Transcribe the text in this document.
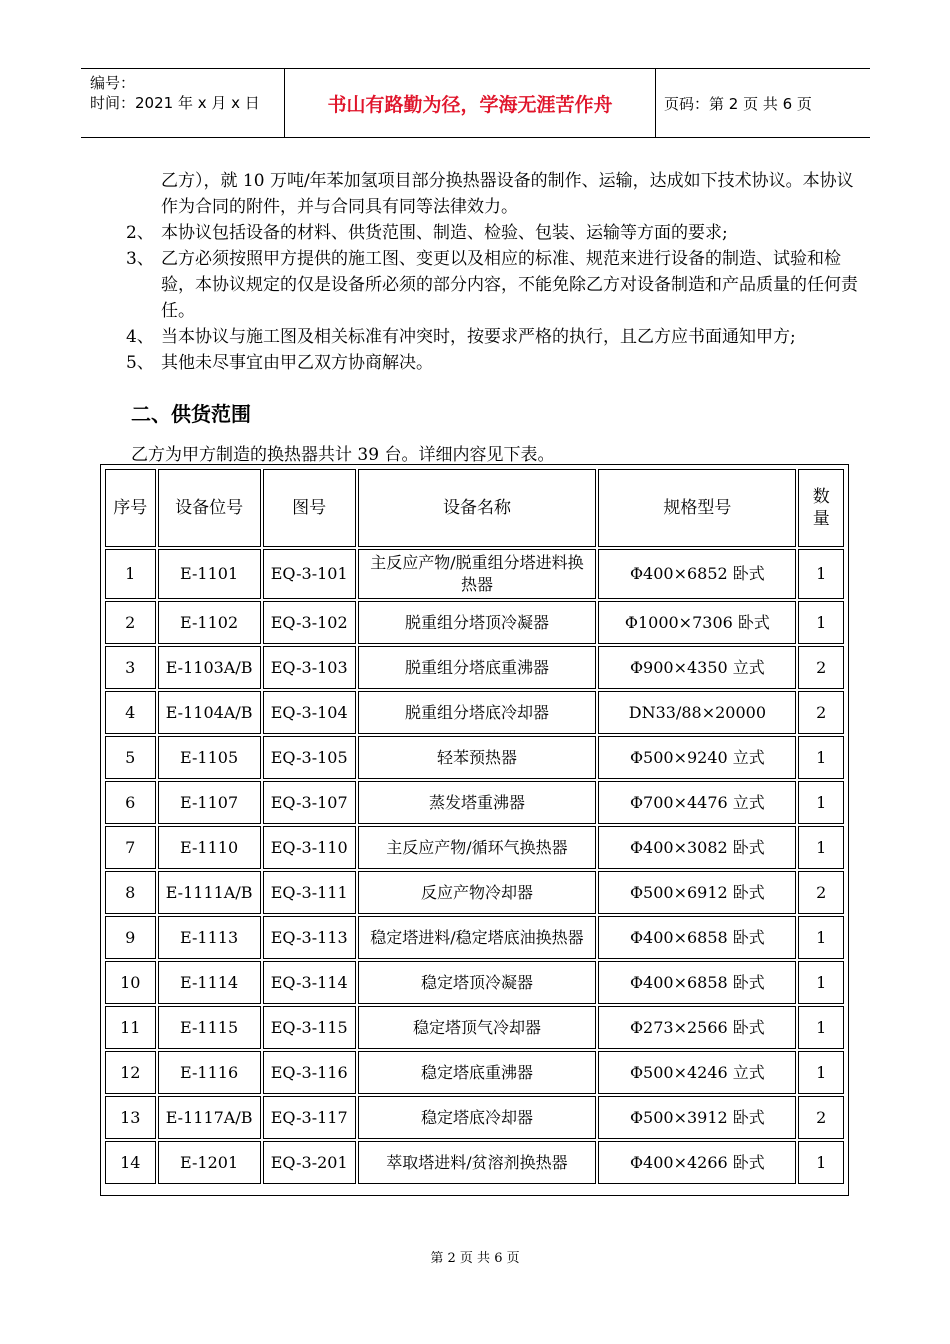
编号：
时间：2021 年 x 月 x 日	书山有路勤为径，学海无涯苦作舟	页码：第 2 页 共 6 页
乙方），就 10 万吨/年苯加氢项目部分换热器设备的制作、运输，达成如下技术协议。本协议作为合同的附件，并与合同具有同等法律效力。
2、 本协议包括设备的材料、供货范围、制造、检验、包装、运输等方面的要求;
3、 乙方必须按照甲方提供的施工图、变更以及相应的标准、规范来进行设备的制造、试验和检验，本协议规定的仅是设备所必须的部分内容，不能免除乙方对设备制造和产品质量的任何责任。
4、 当本协议与施工图及相关标准有冲突时，按要求严格的执行，且乙方应书面通知甲方;
5、 其他未尽事宜由甲乙双方协商解决。
二、供货范围
乙方为甲方制造的换热器共计 39 台。详细内容见下表。
序号	设备位号	图号	设备名称	规格型号	数量
1	E-1101	EQ-3-101	主反应产物/脱重组分塔进料换热器	Φ400×6852 卧式	1
2	E-1102	EQ-3-102	脱重组分塔顶冷凝器	Φ1000×7306 卧式	1
3	E-1103A/B	EQ-3-103	脱重组分塔底重沸器	Φ900×4350 立式	2
4	E-1104A/B	EQ-3-104	脱重组分塔底冷却器	DN33/88×20000	2
5	E-1105	EQ-3-105	轻苯预热器	Φ500×9240 立式	1
6	E-1107	EQ-3-107	蒸发塔重沸器	Φ700×4476 立式	1
7	E-1110	EQ-3-110	主反应产物/循环气换热器	Φ400×3082 卧式	1
8	E-1111A/B	EQ-3-111	反应产物冷却器	Φ500×6912 卧式	2
9	E-1113	EQ-3-113	稳定塔进料/稳定塔底油换热器	Φ400×6858 卧式	1
10	E-1114	EQ-3-114	稳定塔顶冷凝器	Φ400×6858 卧式	1
11	E-1115	EQ-3-115	稳定塔顶气冷却器	Φ273×2566 卧式	1
12	E-1116	EQ-3-116	稳定塔底重沸器	Φ500×4246 立式	1
13	E-1117A/B	EQ-3-117	稳定塔底冷却器	Φ500×3912 卧式	2
14	E-1201	EQ-3-201	萃取塔进料/贫溶剂换热器	Φ400×4266 卧式	1
第 2 页 共 6 页
